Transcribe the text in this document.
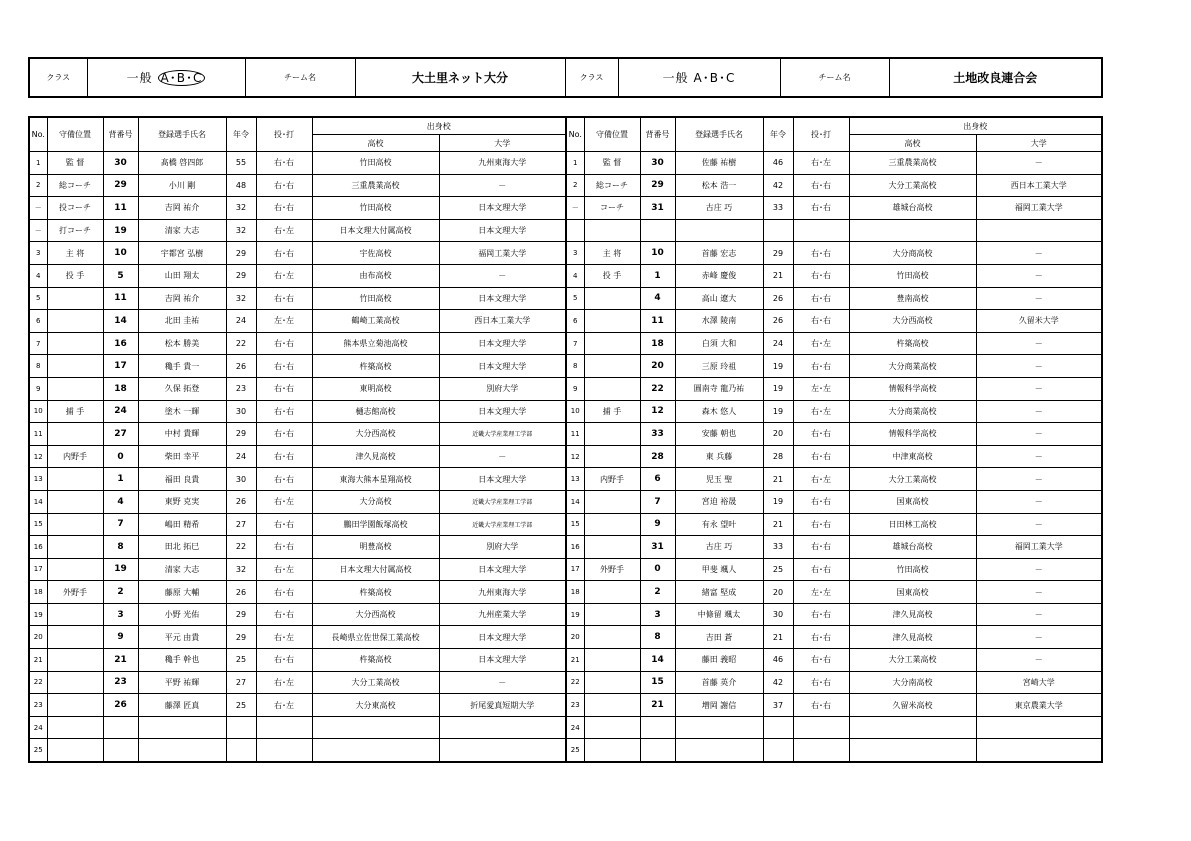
クラス	一般 A･B･C	チーム名	大土里ネット大分	クラス	一般 A･B･C	チーム名	土地改良連合会
No.	守備位置	背番号	登録選手氏名	年令	投･打	出身校		No.	守備位置	背番号	登録選手氏名	年令	投･打	出身校	
						高校	大学							高校	大学
1	監 督	30	髙橋 啓四郎	55	右･右	竹田高校	九州東海大学	1	監 督	30	佐藤 祐樹	46	右･左	三重農業高校	－
2	総コーチ	29	小川 剛	48	右･右	三重農業高校	－	2	総コーチ	29	松本 浩一	42	右･右	大分工業高校	西日本工業大学
－	投コーチ	11	吉岡 祐介	32	右･右	竹田高校	日本文理大学	－	コーチ	31	古庄 巧	33	右･右	雄城台高校	福岡工業大学
－	打コーチ	19	清家 大志	32	右･左	日本文理大付属高校	日本文理大学								
3	主 将	10	宇都宮 弘樹	29	右･右	宇佐高校	福岡工業大学	3	主 将	10	首藤 宏志	29	右･右	大分商高校	－
4	投 手	5	山田 翔太	29	右･左	由布高校	－	4	投 手	1	赤峰 慶俊	21	右･右	竹田高校	－
5		11	吉岡 祐介	32	右･右	竹田高校	日本文理大学	5		4	高山 遼大	26	右･右	豊南高校	－
6		14	北田 圭祐	24	左･左	鶴崎工業高校	西日本工業大学	6		11	水澤 陵南	26	右･右	大分西高校	久留米大学
7		16	松本 勝美	22	右･右	熊本県立菊池高校	日本文理大学	7		18	白須 大和	24	右･左	杵築高校	－
8		17	穐手 貴一	26	右･右	杵築高校	日本文理大学	8		20	三原 玲祖	19	右･右	大分商業高校	－
9		18	久保 拓登	23	右･右	東明高校	別府大学	9		22	圓南寺 龍乃祐	19	左･左	情報科学高校	－
10	捕 手	24	塗木 一輝	30	右･右	樋志館高校	日本文理大学	10	捕 手	12	森木 悠人	19	右･左	大分商業高校	－
11		27	中村 貴輝	29	右･右	大分西高校	近畿大学産業理工学部	11		33	安藤 朝也	20	右･右	情報科学高校	－
12	内野手	0	柴田 幸平	24	右･右	津久見高校	－	12		28	東 兵藤	28	右･右	中津東高校	－
13		1	福田 良貴	30	右･右	東海大熊本星翔高校	日本文理大学	13	内野手	6	児玉 聖	21	右･左	大分工業高校	－
14		4	東野 克実	26	右･左	大分高校	近畿大学産業理工学部	14		7	宮迫 裕晟	19	右･右	国東高校	－
15		7	嶋田 精希	27	右･右	鵬田学園飯塚高校	近畿大学産業理工学部	15		9	有永 望叶	21	右･右	日田林工高校	－
16		8	田北 拓巳	22	右･右	明豊高校	別府大学	16		31	古庄 巧	33	右･右	雄城台高校	福岡工業大学
17		19	清家 大志	32	右･左	日本文理大付属高校	日本文理大学	17	外野手	0	甲斐 颯人	25	右･右	竹田高校	－
18	外野手	2	藤原 大輔	26	右･右	杵築高校	九州東海大学	18		2	緒富 堅成	20	左･左	国東高校	－
19		3	小野 光佑	29	右･右	大分西高校	九州産業大学	19		3	中條留 颯太	30	右･右	津久見高校	－
20		9	平元 由貴	29	右･左	長崎県立佐世保工業高校	日本文理大学	20		8	吉田 蒼	21	右･右	津久見高校	－
21		21	穐手 幹也	25	右･右	杵築高校	日本文理大学	21		14	藤田 義昭	46	右･右	大分工業高校	－
22		23	平野 祐輝	27	右･左	大分工業高校	－	22		15	首藤 英介	42	右･右	大分南高校	宮崎大学
23		26	藤澤 匠真	25	右･左	大分東高校	折尾愛真短期大学	23		21	増岡 謝信	37	右･右	久留米高校	東京農業大学
24								24							
25								25							
